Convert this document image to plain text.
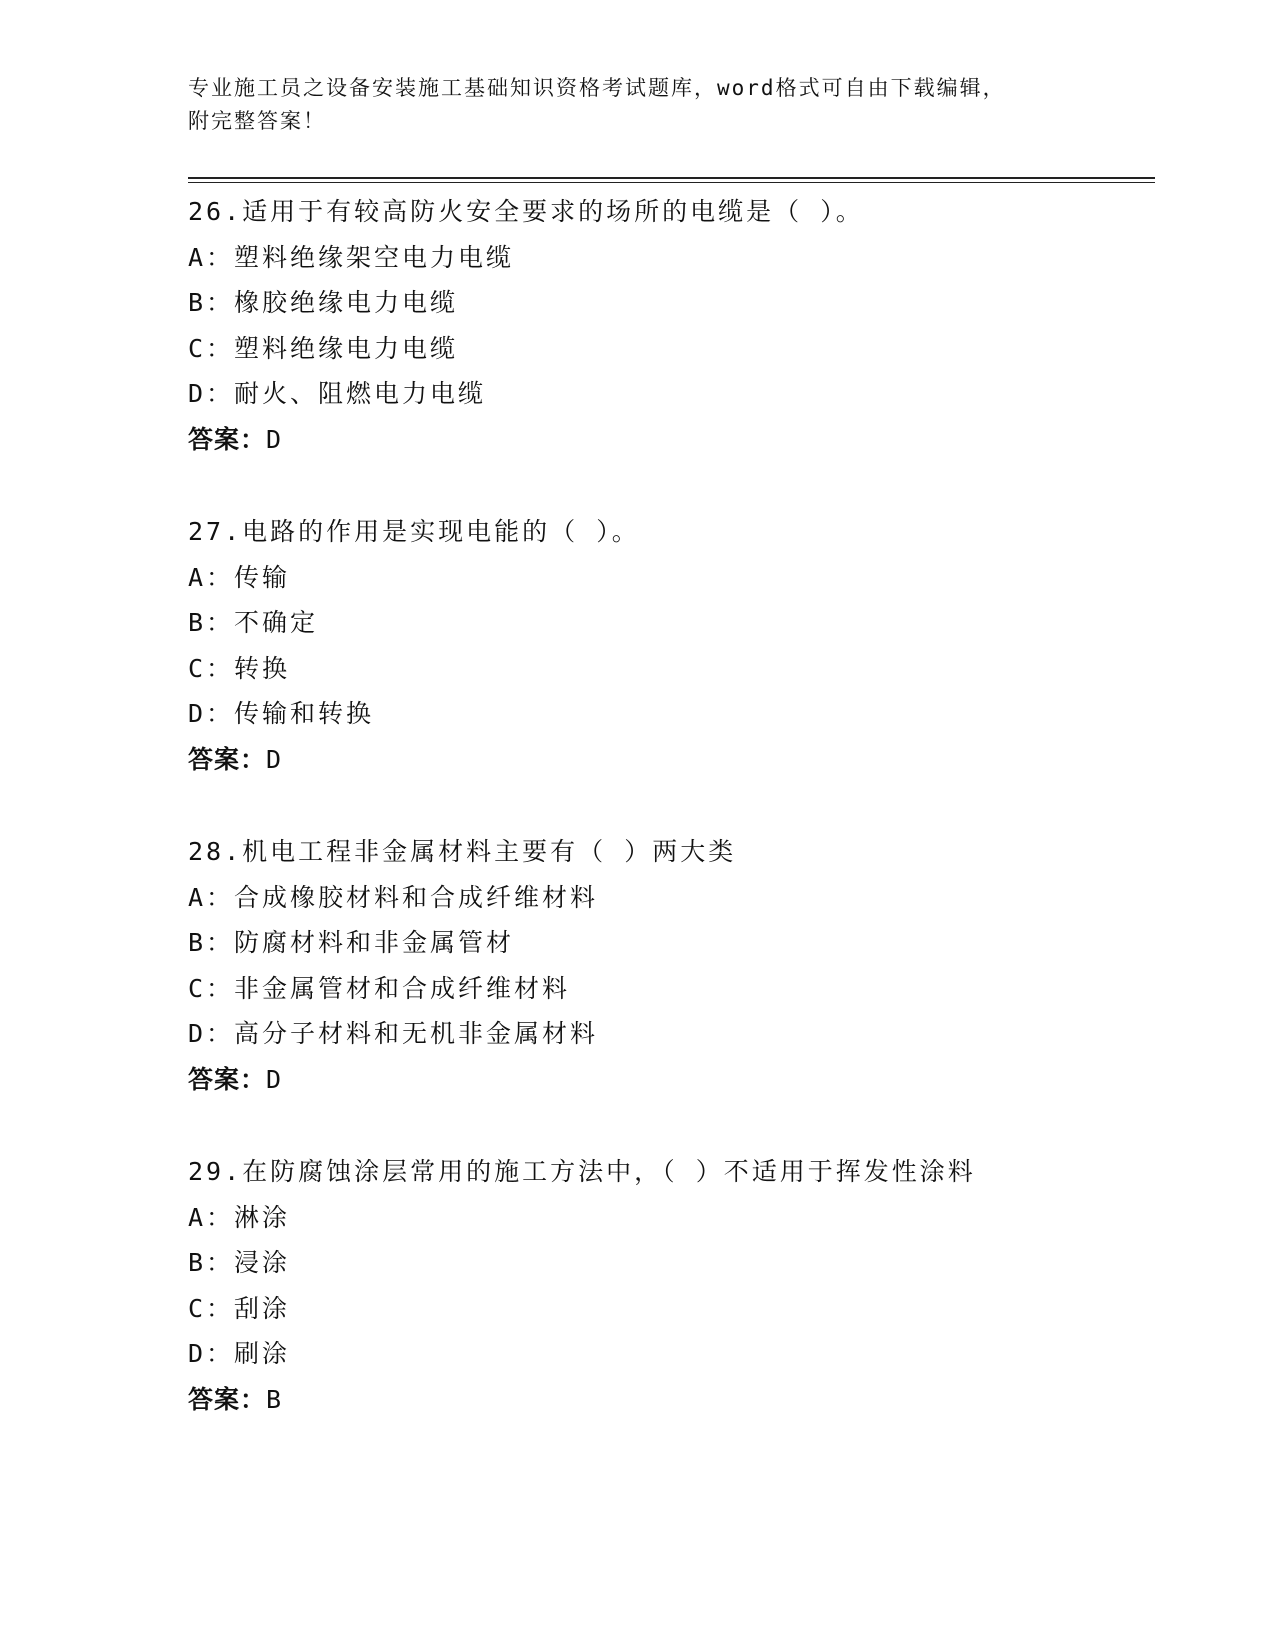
专业施工员之设备安装施工基础知识资格考试题库，word格式可自由下载编辑，
附完整答案！
26.适用于有较高防火安全要求的场所的电缆是（ ）。
A：塑料绝缘架空电力电缆
B：橡胶绝缘电力电缆
C：塑料绝缘电力电缆
D：耐火、阻燃电力电缆
答案：D
27.电路的作用是实现电能的（ ）。
A：传输
B：不确定
C：转换
D：传输和转换
答案：D
28.机电工程非金属材料主要有（ ）两大类
A：合成橡胶材料和合成纤维材料
B：防腐材料和非金属管材
C：非金属管材和合成纤维材料
D：高分子材料和无机非金属材料
答案：D
29.在防腐蚀涂层常用的施工方法中，（ ）不适用于挥发性涂料
A：淋涂
B：浸涂
C：刮涂
D：刷涂
答案：B
